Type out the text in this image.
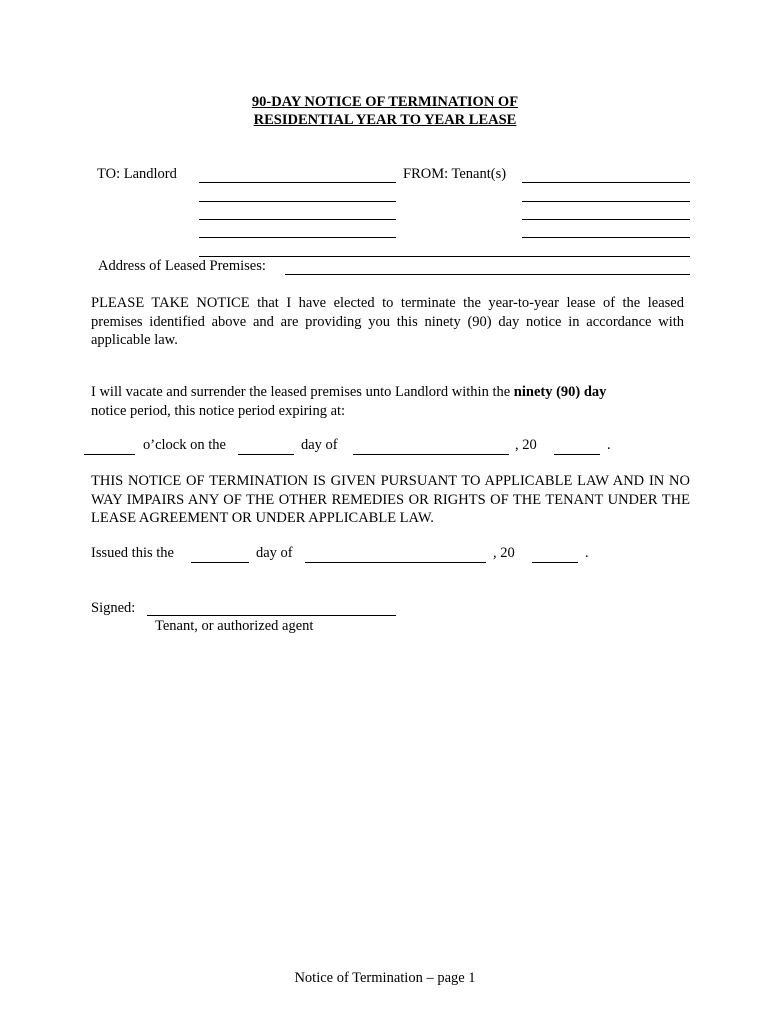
90-DAY NOTICE OF TERMINATION OF
RESIDENTIAL YEAR TO YEAR LEASE
TO: Landlord	FROM: Tenant(s)
Address of Leased Premises:
PLEASE TAKE NOTICE that I have elected to terminate the year-to-year lease of the leased premises identified above and are providing you this ninety (90) day notice in accordance with applicable law.
I will vacate and surrender the leased premises unto Landlord within the ninety (90) day
notice period, this notice period expiring at:
o’clock on the	day of	, 20	.
THIS NOTICE OF TERMINATION IS GIVEN PURSUANT TO APPLICABLE LAW AND IN NO WAY IMPAIRS ANY OF THE OTHER REMEDIES OR RIGHTS OF THE TENANT UNDER THE LEASE AGREEMENT OR UNDER APPLICABLE LAW.
Issued this the	day of	, 20	.
Signed:
Tenant, or authorized agent
Notice of Termination – page 1
